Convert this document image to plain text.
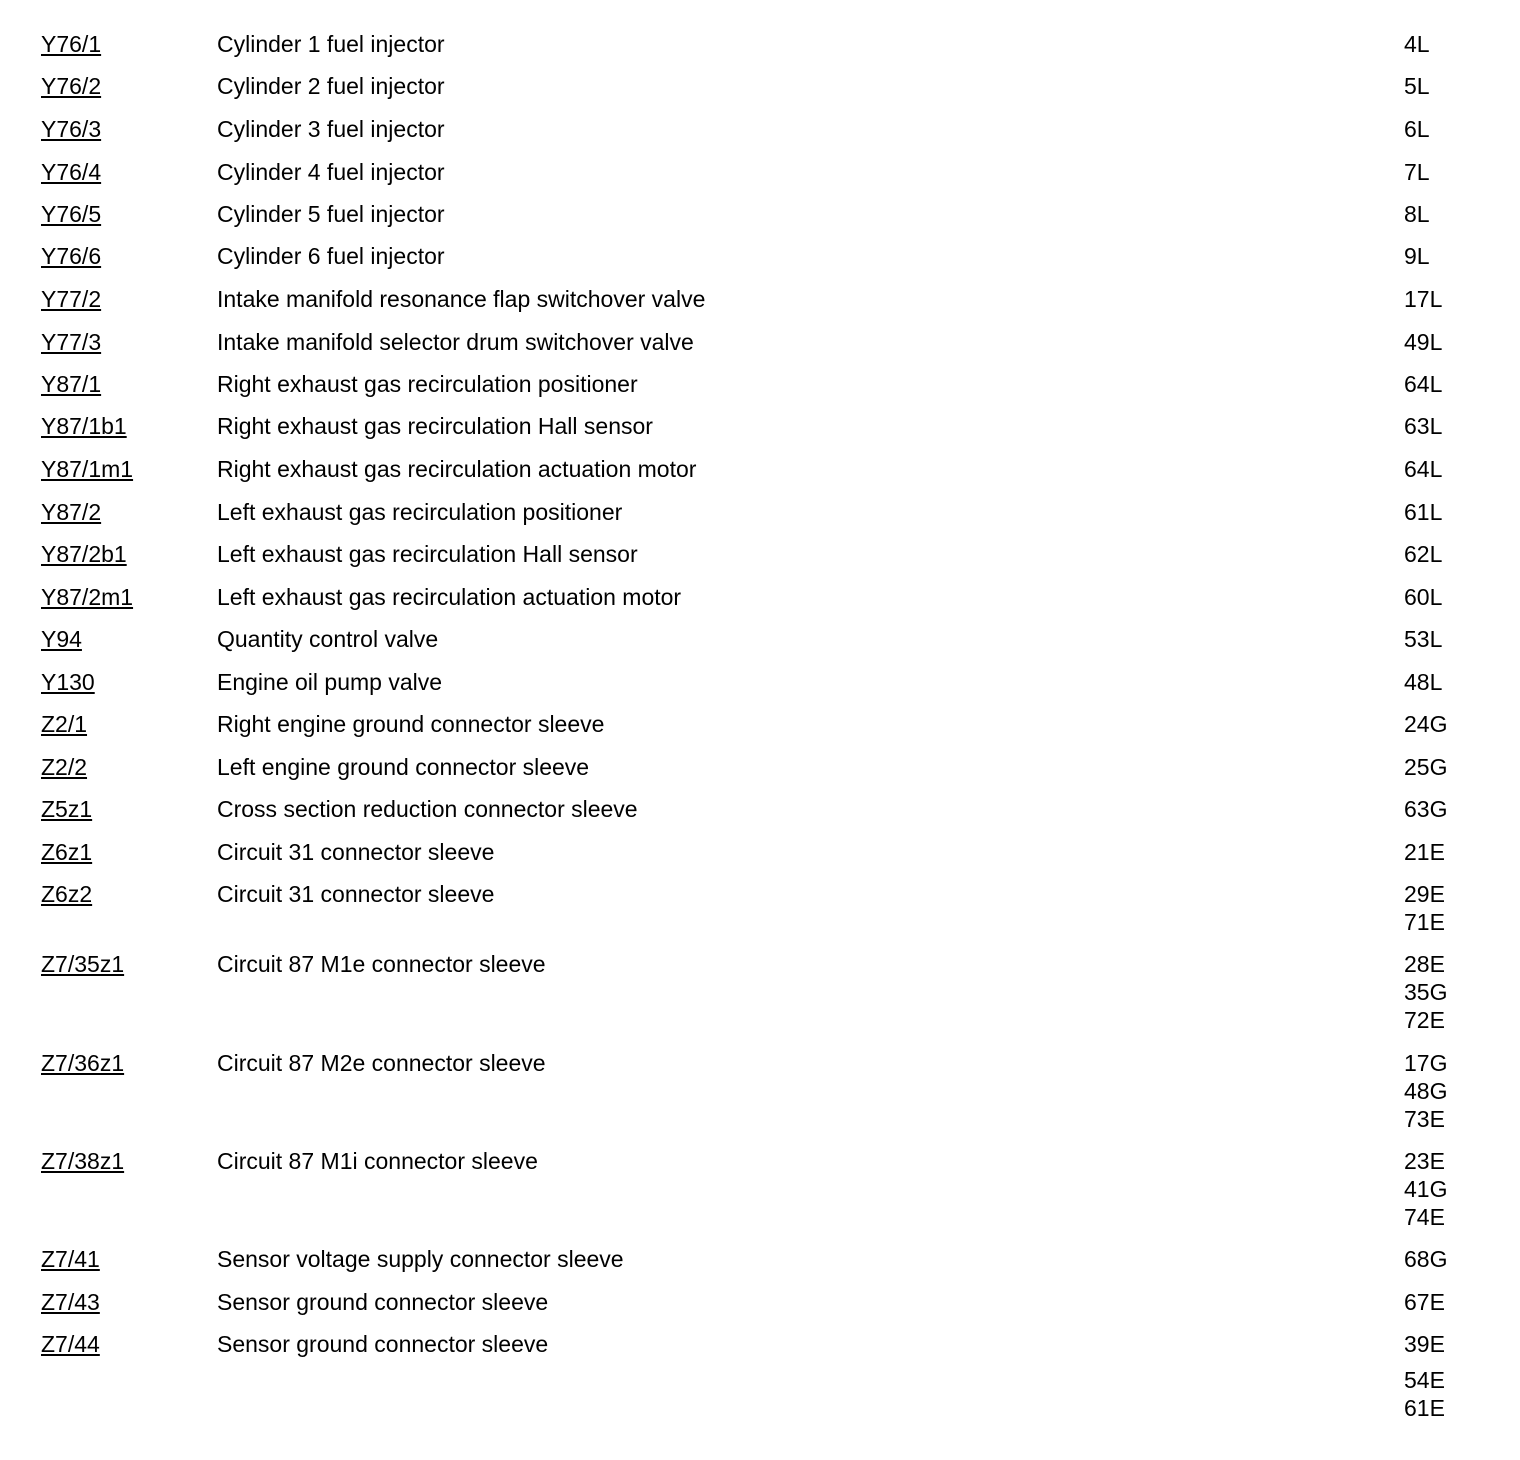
Y76/1	Cylinder 1 fuel injector	4L
Y76/2	Cylinder 2 fuel injector	5L
Y76/3	Cylinder 3 fuel injector	6L
Y76/4	Cylinder 4 fuel injector	7L
Y76/5	Cylinder 5 fuel injector	8L
Y76/6	Cylinder 6 fuel injector	9L
Y77/2	Intake manifold resonance flap switchover valve	17L
Y77/3	Intake manifold selector drum switchover valve	49L
Y87/1	Right exhaust gas recirculation positioner	64L
Y87/1b1	Right exhaust gas recirculation Hall sensor	63L
Y87/1m1	Right exhaust gas recirculation actuation motor	64L
Y87/2	Left exhaust gas recirculation positioner	61L
Y87/2b1	Left exhaust gas recirculation Hall sensor	62L
Y87/2m1	Left exhaust gas recirculation actuation motor	60L
Y94	Quantity control valve	53L
Y130	Engine oil pump valve	48L
Z2/1	Right engine ground connector sleeve	24G
Z2/2	Left engine ground connector sleeve	25G
Z5z1	Cross section reduction connector sleeve	63G
Z6z1	Circuit 31 connector sleeve	21E
Z6z2	Circuit 31 connector sleeve	29E
71E
Z7/35z1	Circuit 87 M1e connector sleeve	28E
35G
72E
Z7/36z1	Circuit 87 M2e connector sleeve	17G
48G
73E
Z7/38z1	Circuit 87 M1i connector sleeve	23E
41G
74E
Z7/41	Sensor voltage supply connector sleeve	68G
Z7/43	Sensor ground connector sleeve	67E
Z7/44	Sensor ground connector sleeve	39E
54E
61E
